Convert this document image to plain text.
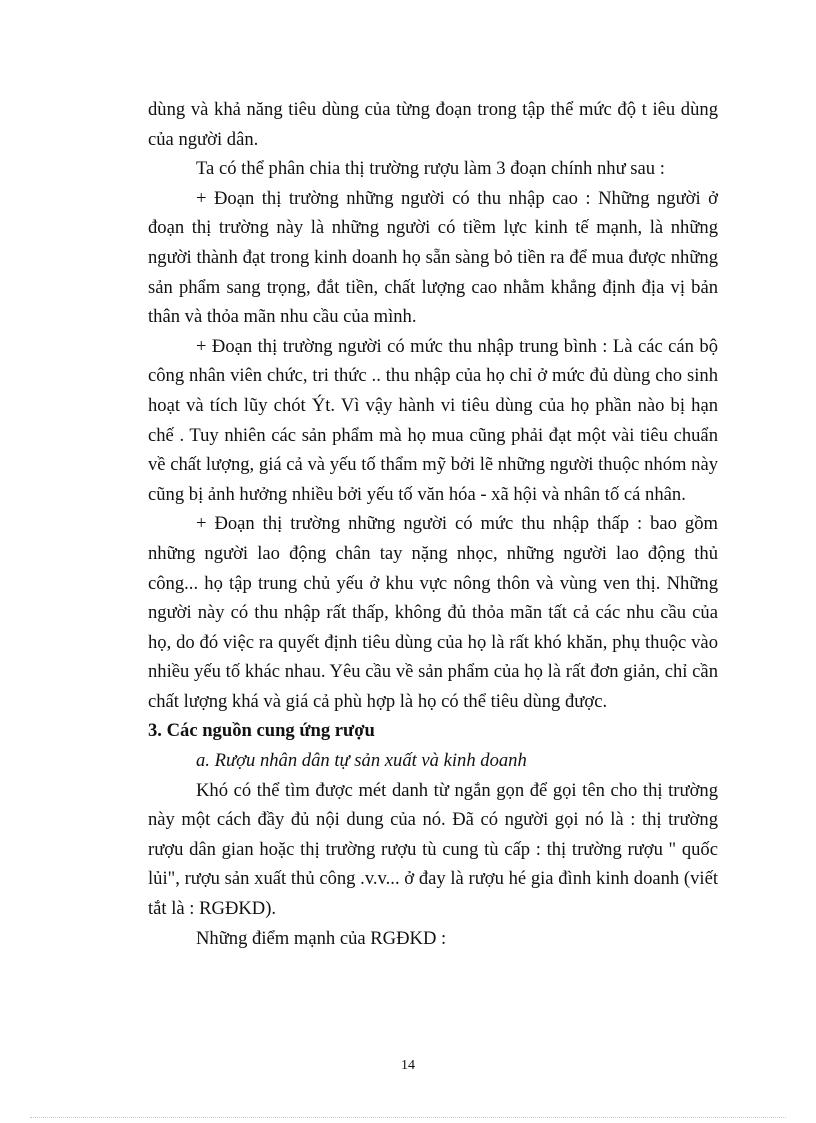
dùng và khả năng tiêu dùng của từng đoạn trong tập thể mức độ t iêu dùng của người dân.

Ta có thể phân chia thị trường rượu làm 3 đoạn chính như sau :

+ Đoạn thị trường những người có thu nhập cao : Những người ở đoạn thị trường này là những người có tiềm lực kinh tế mạnh, là những người thành đạt trong kinh doanh họ sẵn sàng bỏ tiền ra để mua được những sản phẩm sang trọng, đắt tiền, chất lượng cao nhằm khẳng định địa vị bản thân và thỏa mãn nhu cầu của mình.

+ Đoạn thị trường người có mức thu nhập trung bình : Là các cán bộ công nhân viên chức, tri thức .. thu nhập của họ chỉ ở mức đủ dùng cho sinh hoạt và tích lũy chót Ýt. Vì vậy hành vi tiêu dùng của họ phần nào bị hạn chế . Tuy nhiên các sản phẩm mà họ mua cũng phải đạt một vài tiêu chuẩn về chất lượng, giá cả và yếu tố thẩm mỹ bởi lẽ những người thuộc nhóm này cũng bị ảnh hưởng nhiều bởi yếu tố văn hóa - xã hội và nhân tố cá nhân.

+ Đoạn thị trường những người có mức thu nhập thấp : bao gồm những người lao động chân tay nặng nhọc, những người lao động thủ công... họ tập trung chủ yếu ở khu vực nông thôn và vùng ven thị. Những người này có thu nhập rất thấp, không đủ thỏa mãn tất cả các nhu cầu của họ, do đó việc ra quyết định tiêu dùng của họ là rất khó khăn, phụ thuộc vào nhiều yếu tố khác nhau. Yêu cầu về sản phẩm của họ là rất đơn giản, chỉ cần chất lượng khá và giá cả phù hợp là họ có thể tiêu dùng được.

3. Các nguồn cung ứng rượu

a. Rượu nhân dân tự sản xuất và kinh doanh

Khó có thể tìm được mét danh từ ngắn gọn để gọi tên cho thị trường này một cách đầy đủ nội dung của nó. Đã có người gọi nó là : thị trường rượu dân gian hoặc thị trường rượu tù cung tù cấp : thị trường rượu " quốc lủi", rượu sản xuất thủ công .v.v... ở đay là rượu hé gia đình kinh doanh (viết tắt là : RGĐKD).

Những điểm mạnh của RGĐKD :

14
